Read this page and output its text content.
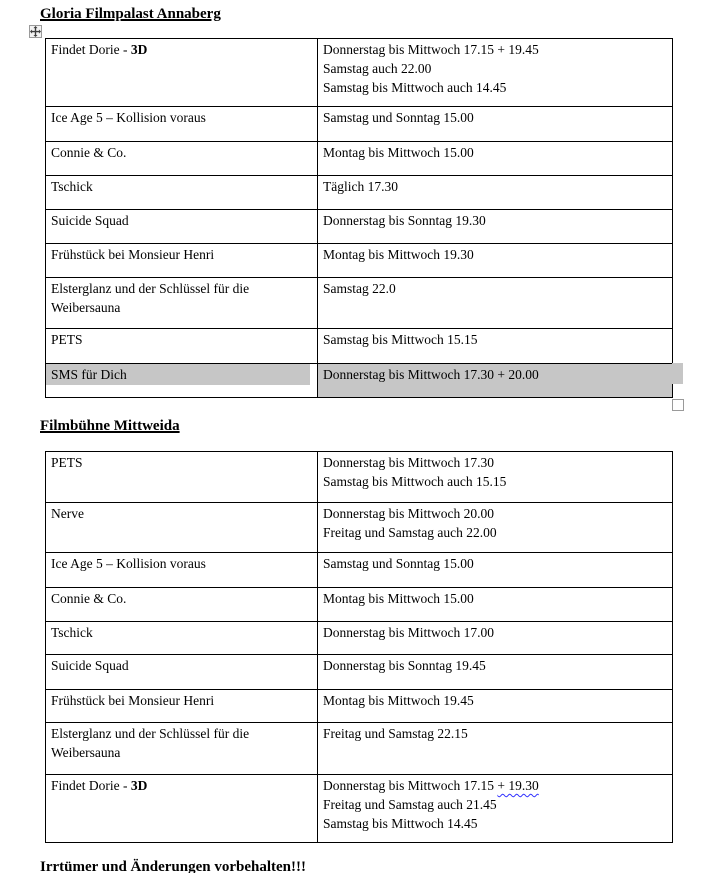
Gloria Filmpalast Annaberg
Findet Dorie - 3D	Donnerstag bis Mittwoch 17.15 + 19.45
Samstag auch 22.00
Samstag bis Mittwoch auch 14.45

Ice Age 5 – Kollision voraus	Samstag und Sonntag 15.00

Connie & Co.	Montag bis Mittwoch 15.00

Tschick	Täglich 17.30

Suicide Squad	Donnerstag bis Sonntag 19.30

Frühstück bei Monsieur Henri	Montag bis Mittwoch 19.30

Elsterglanz und der Schlüssel für die Weibersauna	Samstag 22.0

PETS	Samstag bis Mittwoch 15.15

SMS für Dich	Donnerstag bis Mittwoch 17.30 + 20.00
Filmbühne Mittweida
PETS	Donnerstag bis Mittwoch 17.30
Samstag bis Mittwoch auch 15.15

Nerve	Donnerstag bis Mittwoch 20.00
Freitag und Samstag auch 22.00

Ice Age 5 – Kollision voraus	Samstag und Sonntag 15.00

Connie & Co.	Montag bis Mittwoch 15.00

Tschick	Donnerstag bis Mittwoch 17.00

Suicide Squad	Donnerstag bis Sonntag 19.45

Frühstück bei Monsieur Henri	Montag bis Mittwoch 19.45

Elsterglanz und der Schlüssel für die Weibersauna	Freitag und Samstag 22.15

Findet Dorie - 3D	Donnerstag bis Mittwoch 17.15 + 19.30
Freitag und Samstag auch 21.45
Samstag bis Mittwoch 14.45
Irrtümer und Änderungen vorbehalten!!!
